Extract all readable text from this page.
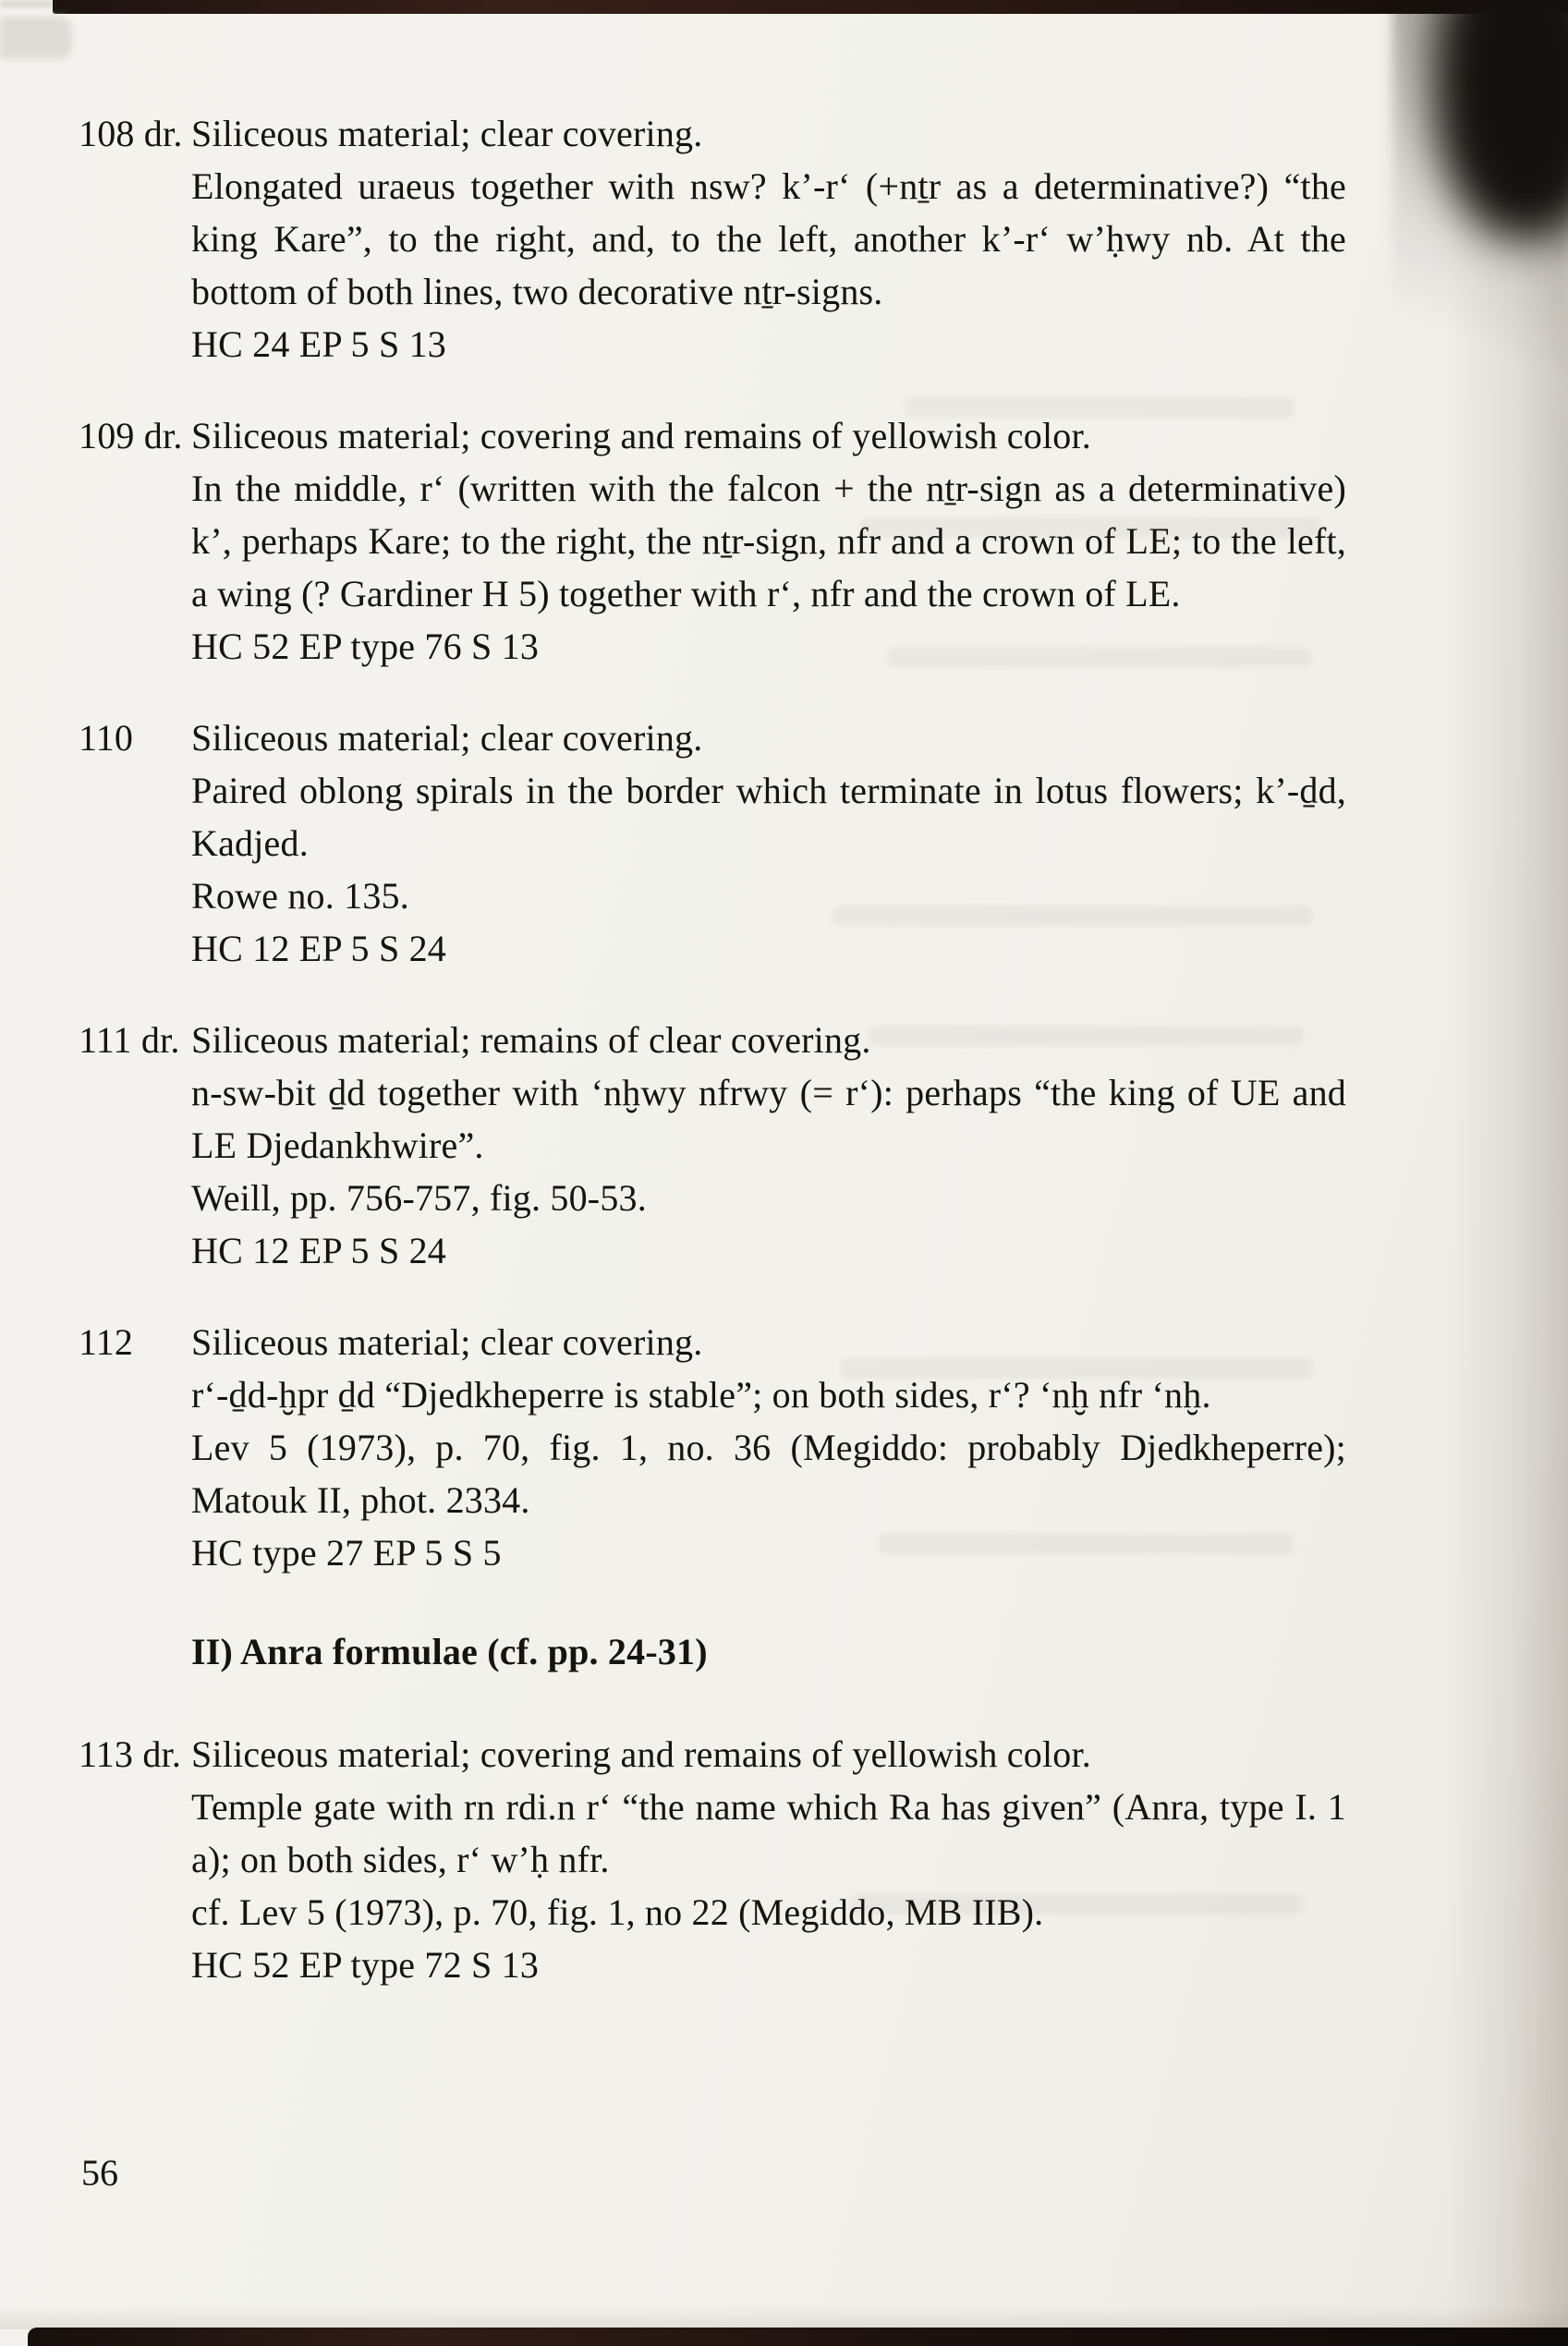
108 dr. Siliceous material; clear covering.

Elongated uraeus together with nsw? k’-r‘ (+nṯr as a determinative?) “the king Kare”, to the right, and, to the left, another k’-r‘ w’ḥwy nb. At the bottom of both lines, two decorative nṯr-signs.

HC 24 EP 5 S 13

109 dr. Siliceous material; covering and remains of yellowish color.

In the middle, r‘ (written with the falcon + the nṯr-sign as a determinative) k’, perhaps Kare; to the right, the nṯr-sign, nfr and a crown of LE; to the left, a wing (? Gardiner H 5) together with r‘, nfr and the crown of LE.

HC 52 EP type 76 S 13

110	Siliceous material; clear covering.

Paired oblong spirals in the border which terminate in lotus flowers; k’-ḏd, Kadjed.

Rowe no. 135.

HC 12 EP 5 S 24

111 dr. Siliceous material; remains of clear covering.

n-sw-bit ḏd together with ‘nḫwy nfrwy (= r‘): perhaps “the king of UE and LE Djedankhwire”.

Weill, pp. 756-757, fig. 50-53.

HC 12 EP 5 S 24

112	Siliceous material; clear covering.

r‘-ḏd-ḫpr ḏd “Djedkheperre is stable”; on both sides, r‘? ‘nḫ nfr ‘nḫ.

Lev 5 (1973), p. 70, fig. 1, no. 36 (Megiddo: probably Djedkheperre); Matouk II, phot. 2334.

HC type 27 EP 5 S 5

II) Anra formulae (cf. pp. 24-31)
113 dr. Siliceous material; covering and remains of yellowish color.

Temple gate with rn rdi.n r‘ “the name which Ra has given” (Anra, type I. 1 a); on both sides, r‘ w’ḥ nfr.

cf. Lev 5 (1973), p. 70, fig. 1, no 22 (Megiddo, MB IIB).

HC 52 EP type 72 S 13

56
